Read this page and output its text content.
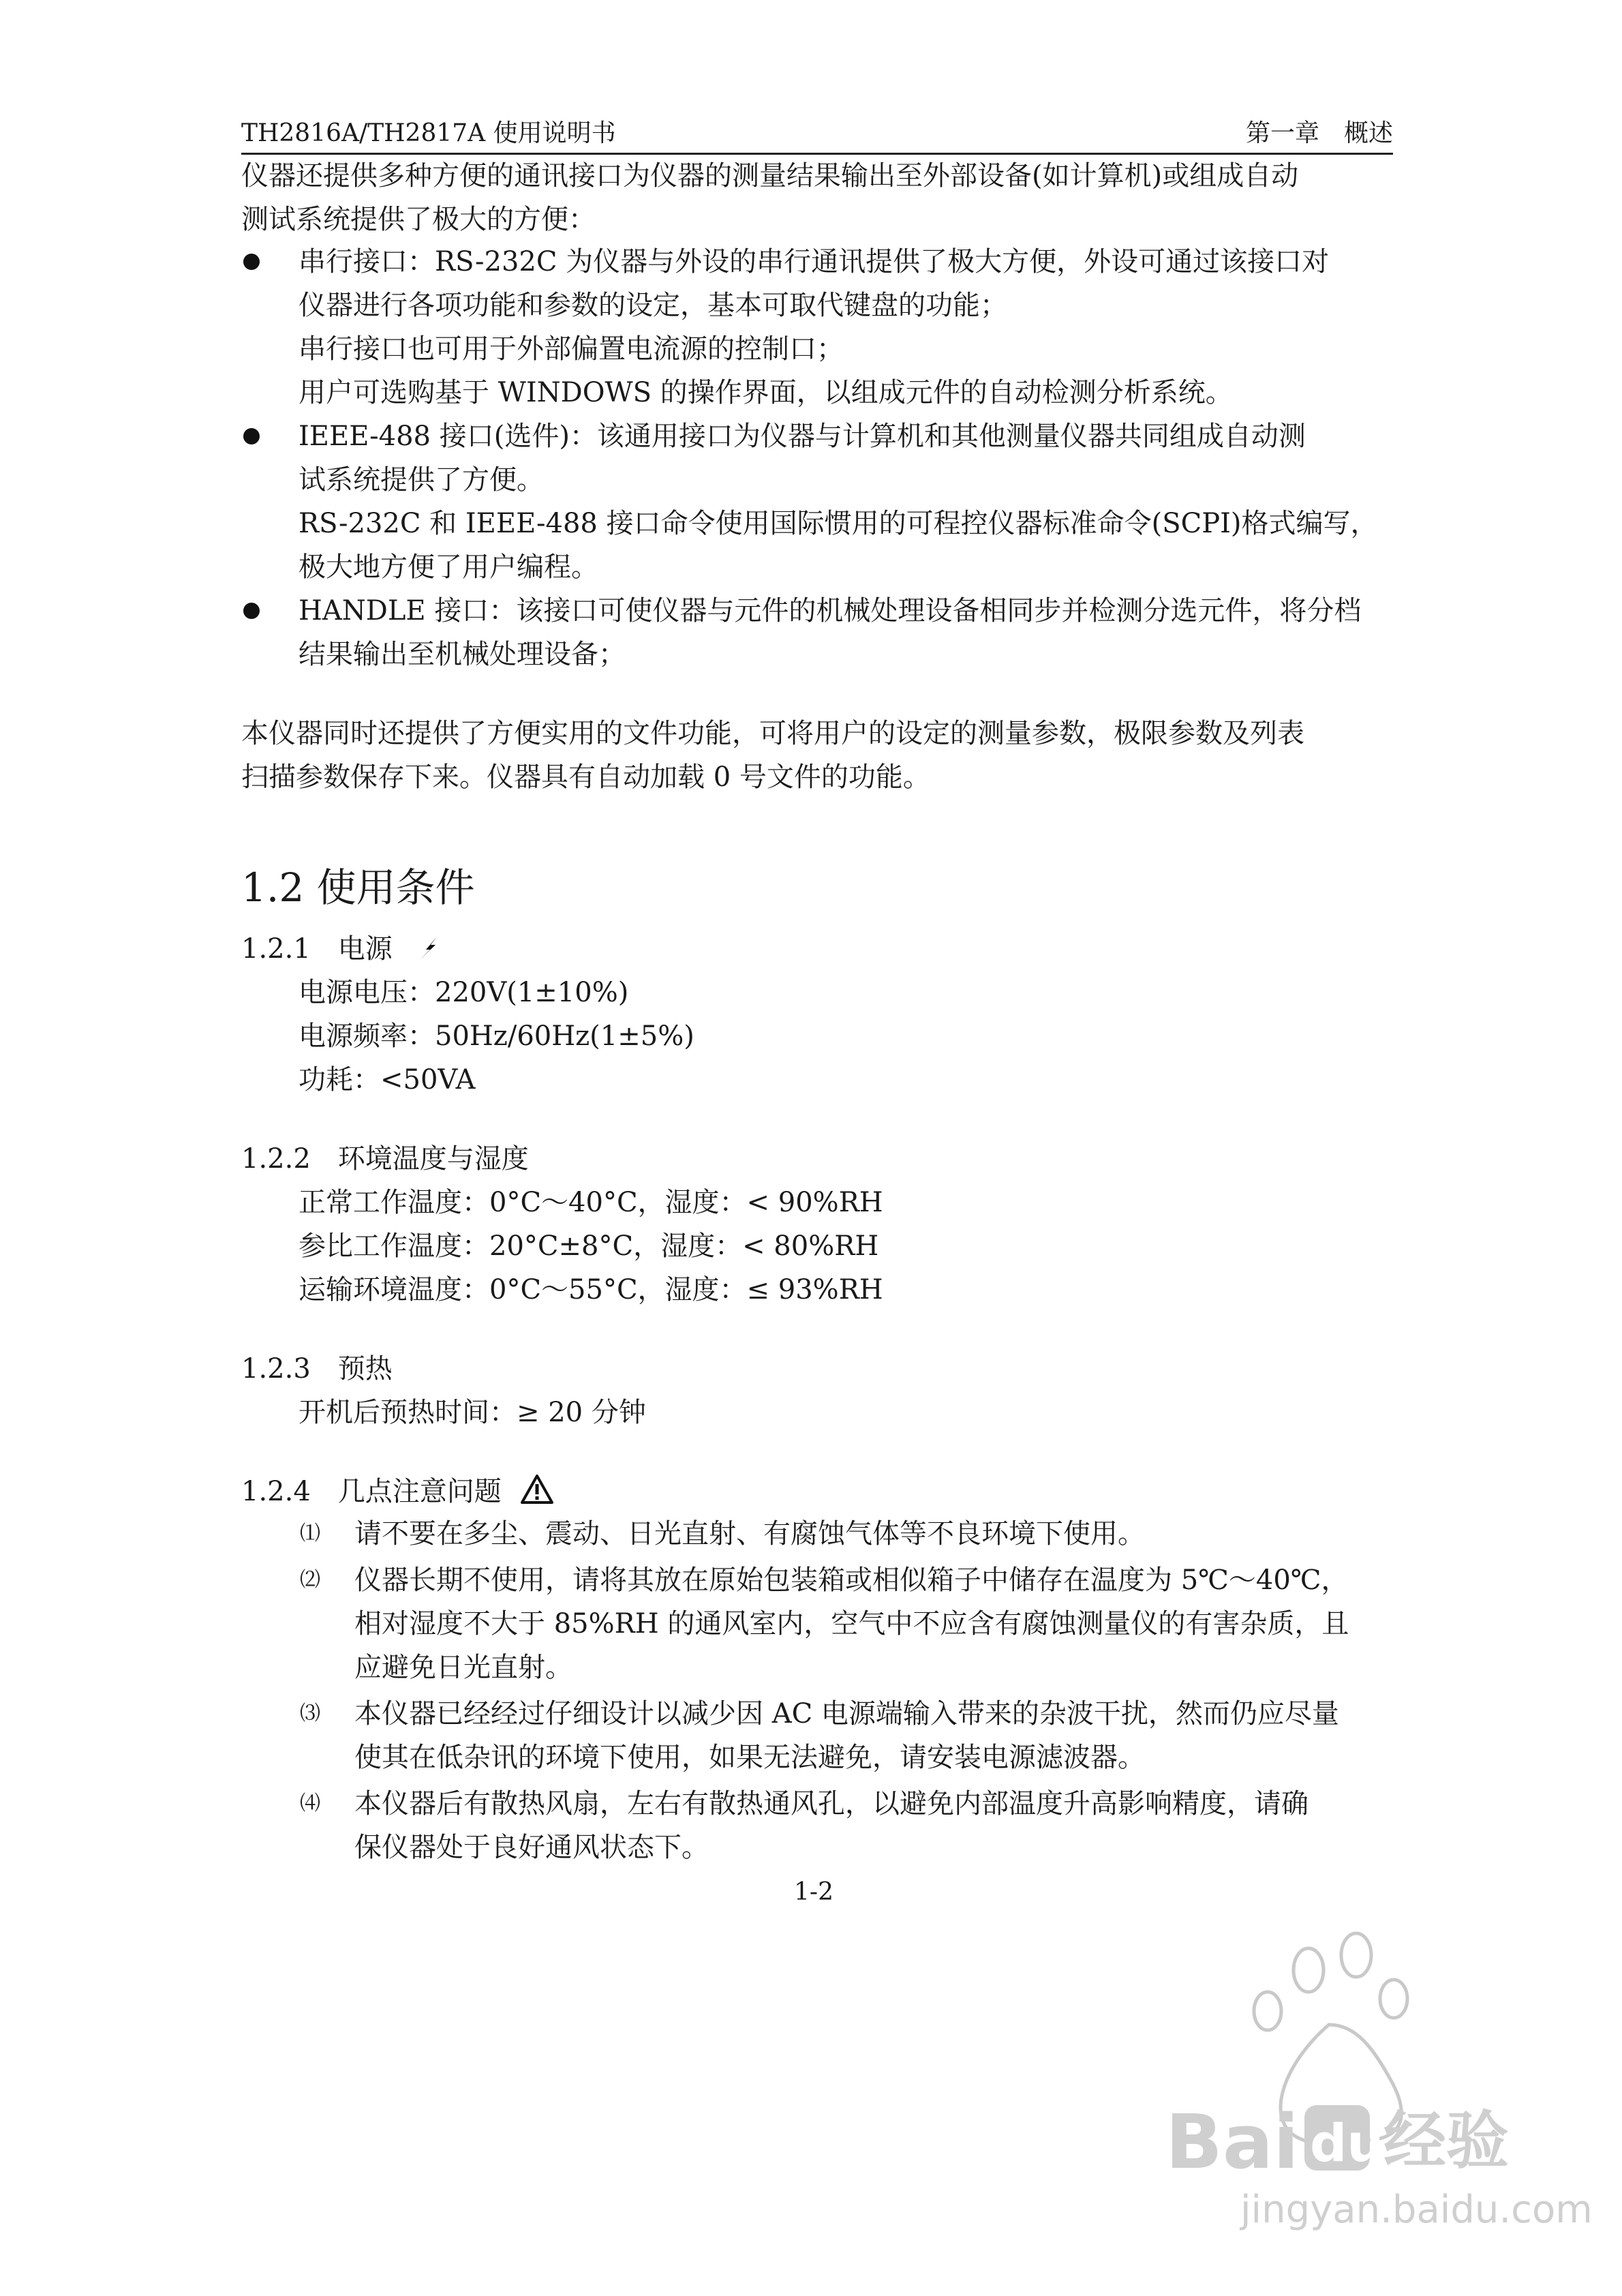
TH2816A/TH2817A 使用说明书	第一章　概述
仪器还提供多种方便的通讯接口为仪器的测量结果输出至外部设备(如计算机)或组成自动
测试系统提供了极大的方便：
串行接口：RS-232C 为仪器与外设的串行通讯提供了极大方便，外设可通过该接口对
仪器进行各项功能和参数的设定，基本可取代键盘的功能；
串行接口也可用于外部偏置电流源的控制口；
用户可选购基于 WINDOWS 的操作界面，以组成元件的自动检测分析系统。
IEEE-488 接口(选件)：该通用接口为仪器与计算机和其他测量仪器共同组成自动测
试系统提供了方便。
RS-232C 和 IEEE-488 接口命令使用国际惯用的可程控仪器标准命令(SCPI)格式编写，
极大地方便了用户编程。
HANDLE 接口：该接口可使仪器与元件的机械处理设备相同步并检测分选元件，将分档
结果输出至机械处理设备；
本仪器同时还提供了方便实用的文件功能，可将用户的设定的测量参数，极限参数及列表
扫描参数保存下来。仪器具有自动加载 0 号文件的功能。
1.2 使用条件
1.2.1　电源
电源电压：220V(1±10%)
电源频率：50Hz/60Hz(1±5%)
功耗：<50VA
1.2.2　环境温度与湿度
正常工作温度：0°C～40°C，湿度：< 90%RH
参比工作温度：20°C±8°C，湿度：< 80%RH
运输环境温度：0°C～55°C，湿度：≤ 93%RH
1.2.3　预热
开机后预热时间：≥ 20 分钟
1.2.4　几点注意问题
⑴ 请不要在多尘、震动、日光直射、有腐蚀气体等不良环境下使用。
⑵ 仪器长期不使用，请将其放在原始包装箱或相似箱子中储存在温度为 5℃～40℃，
相对湿度不大于 85%RH 的通风室内，空气中不应含有腐蚀测量仪的有害杂质，且
应避免日光直射。
⑶ 本仪器已经经过仔细设计以减少因 AC 电源端输入带来的杂波干扰，然而仍应尽量
使其在低杂讯的环境下使用，如果无法避免，请安装电源滤波器。
⑷ 本仪器后有散热风扇，左右有散热通风孔，以避免内部温度升高影响精度，请确
保仪器处于良好通风状态下。
1-2
Bai du 经验
jingyan.baidu.com
